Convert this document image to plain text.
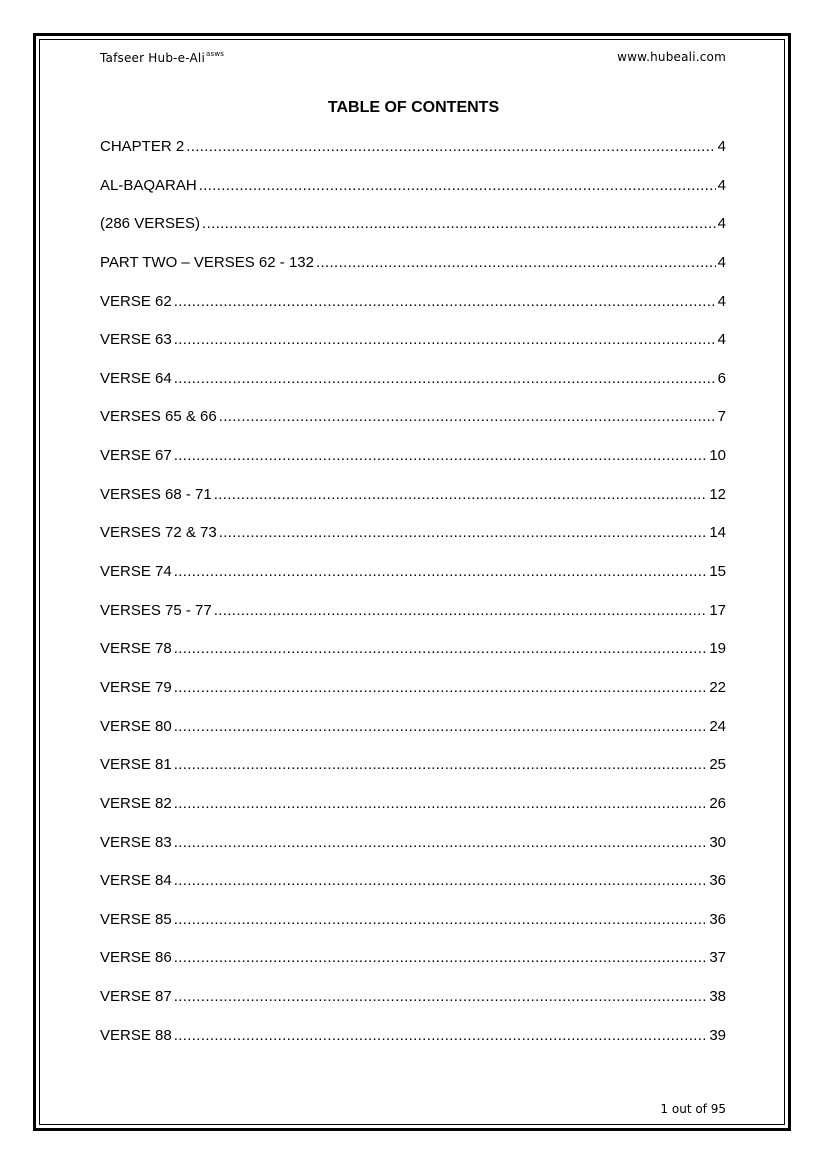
Tafseer Hub-e-Ali$^{asws}$	www.hubeali.com
TABLE OF CONTENTS
CHAPTER 2 .....	4
AL-BAQARAH .....	4
(286 VERSES) .....	4
PART TWO – VERSES 62 - 132 .....	4
VERSE 62 .....	4
VERSE 63 .....	4
VERSE 64 .....	6
VERSES 65 & 66 .....	7
VERSE 67 .....	10
VERSES 68 - 71 .....	12
VERSES 72 & 73 .....	14
VERSE 74 .....	15
VERSES 75 - 77 .....	17
VERSE 78 .....	19
VERSE 79 .....	22
VERSE 80 .....	24
VERSE 81 .....	25
VERSE 82 .....	26
VERSE 83 .....	30
VERSE 84 .....	36
VERSE 85 .....	36
VERSE 86 .....	37
VERSE 87 .....	38
VERSE 88 .....	39
1 out of 95
